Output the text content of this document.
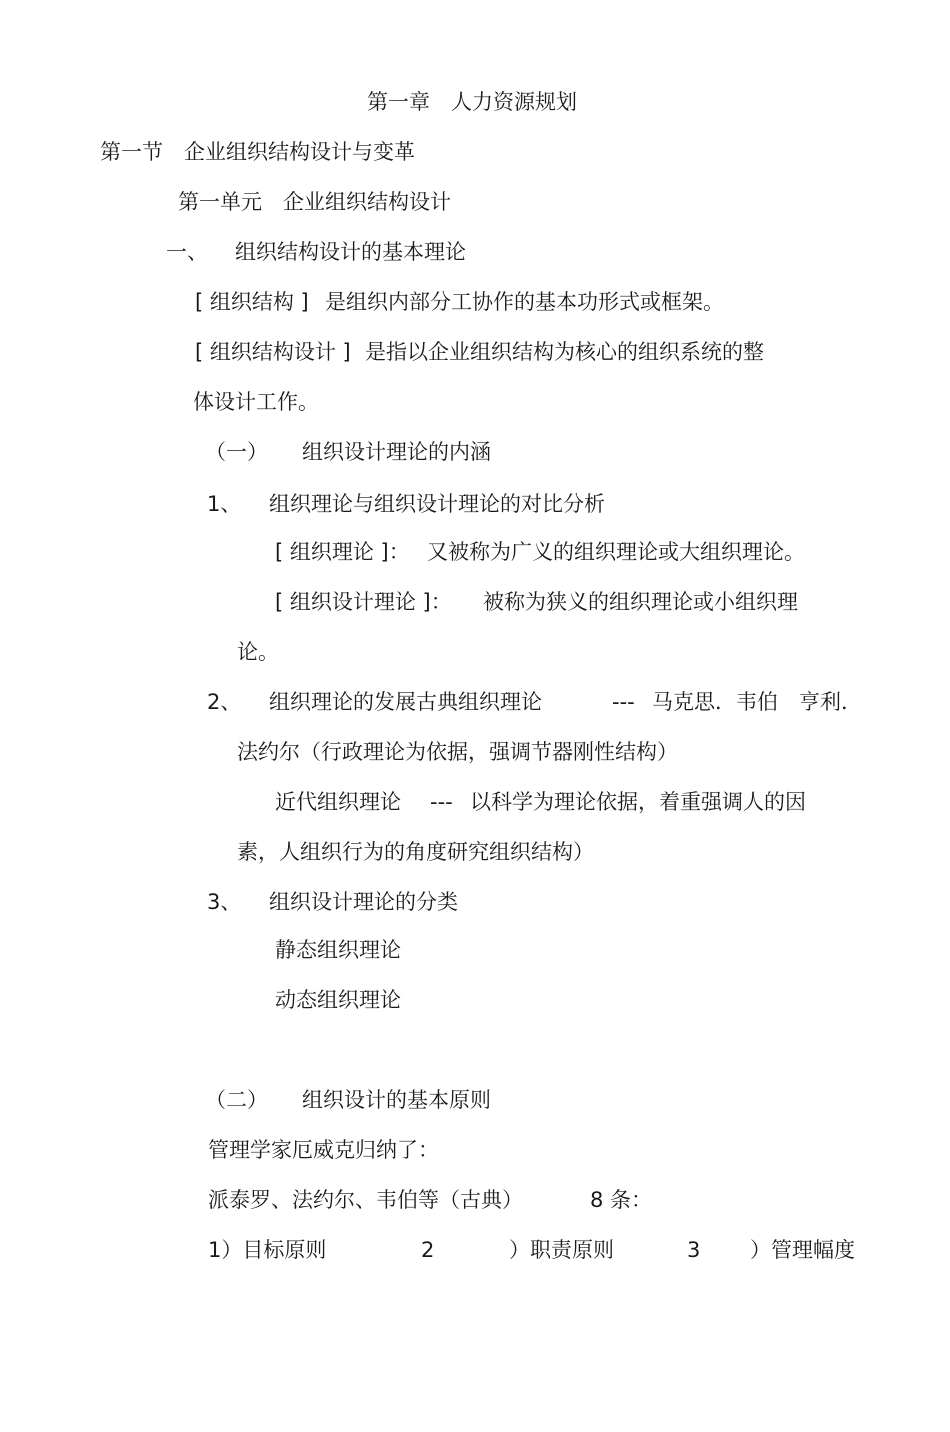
第一章　人力资源规划
第一节　企业组织结构设计与变革
第一单元　企业组织结构设计

一、

组织结构设计的基本理论

[ 组织结构 ]

是组织内部分工协作的基本功形式或框架。

[ 组织结构设计 ]

是指以企业组织结构为核心的组织系统的整

体设计工作。

（一）

组织设计理论的内涵

1、

组织理论与组织设计理论的对比分析

[ 组织理论 ]：

又被称为广义的组织理论或大组织理论。

[ 组织设计理论 ]：

被称为狭义的组织理论或小组织理

论。

2、

组织理论的发展古典组织理论

	---

马克思．韦伯　亨利．

法约尔（行政理论为依据，强调节器刚性结构）

近代组织理论

---

以科学为理论依据，着重强调人的因

素，人组织行为的角度研究组织结构）

3、

组织设计理论的分类

静态组织理论
动态组织理论

（二）

组织设计的基本原则

管理学家厄威克归纳了：

派泰罗、法约尔、韦伯等（古典）

	8 条：

1）目标原则

	2

	）职责原则

	3

）管理幅度
